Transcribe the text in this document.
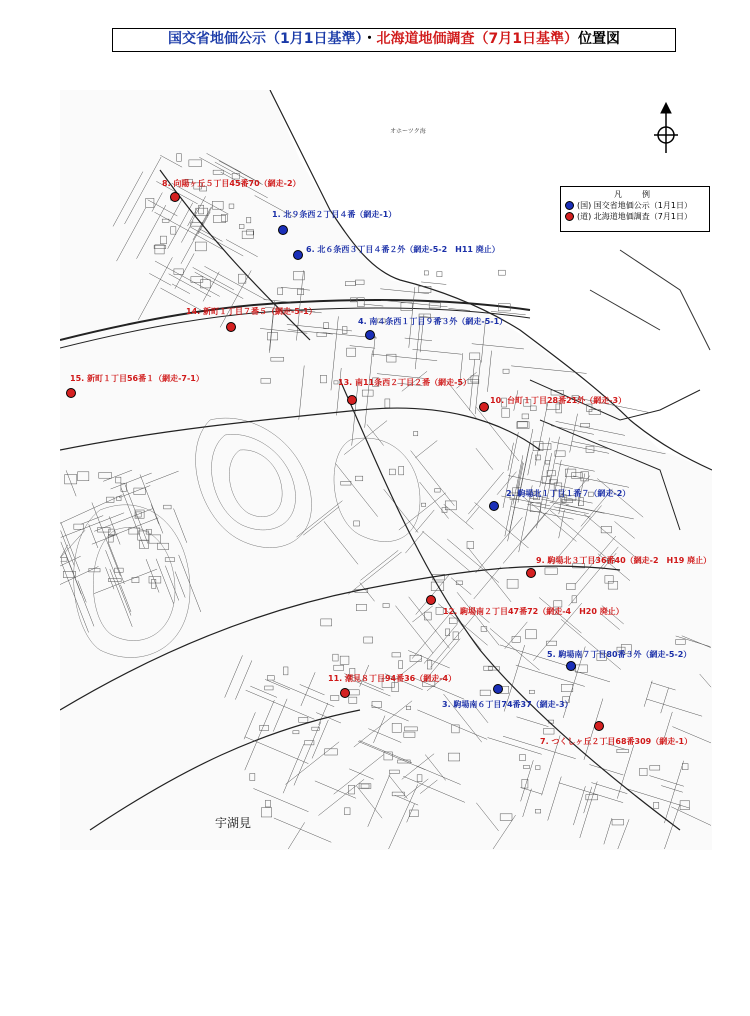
国交省地価公示（1月1日基準）・北海道地価調査（7月1日基準）位置図
オホーツク海
宇湖見
凡　例
(国) 国交省地価公示（1月1日）
(道) 北海道地価調査（7月1日）
1. 北９条西２丁目４番（網走-1）
6. 北６条西３丁目４番２外（網走-5-2　H11 廃止）
4. 南４条西１丁目９番３外（網走-5-1）
2. 駒場北１丁目１番７（網走-2）
5. 駒場南７丁目80番３外（網走-5-2）
3. 駒場南６丁目74番37（網走-3）
8. 向陽ヶ丘５丁目45番70（網走-2）
14. 新町１丁目７番５（網走-5-1）
15. 新町１丁目56番１（網走-7-1）	13. 南11条西２丁目２番（網走-5）
10. 台町１丁目28番21外（網走-3）
9. 駒場北３丁目36番40（網走-2　H19 廃止）
12. 駒場南２丁目47番72（網走-4　H20 廃止）
11. 潮見８丁目94番36（網走-4）
7. つくしヶ丘２丁目68番309（網走-1）
